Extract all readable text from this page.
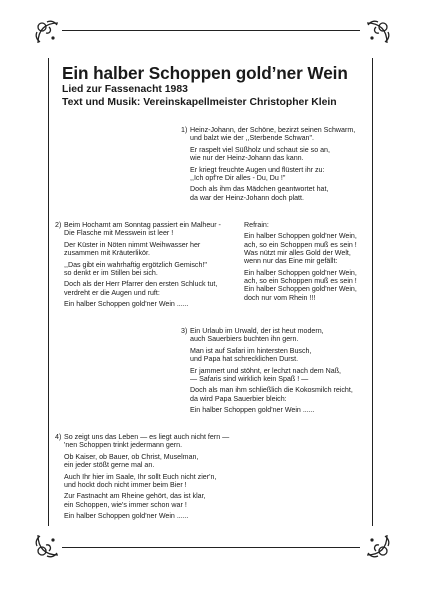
Ein halber Schoppen gold’ner Wein
Lied zur Fassenacht 1983
Text und Musik: Vereinskapellmeister Christopher Klein
1) Heinz-Johann, der Schöne, bezirzt seinen Schwarm,
und balzt wie der ,,Sterbende Schwan".

Er raspelt viel Süßholz und schaut sie so an,
wie nur der Heinz-Johann das kann.

Er kriegt freuchte Augen und flüstert ihr zu:
,,Ich opf're Dir alles - Du, Du !"

Doch als ihm das Mädchen geantwortet hat,
da war der Heinz-Johann doch platt.

2) Beim Hochamt am Sonntag passiert ein Malheur -
Die Flasche mit Messwein ist leer !

Der Küster in Nöten nimmt Weihwasser her
zusammen mit Kräuterlikör.

,,Das gibt ein wahrhaftig ergötzlich Gemisch!"
so denkt er im Stillen bei sich.

Doch als der Herr Pfarrer den ersten Schluck tut,
verdreht er die Augen und ruft:

Ein halber Schoppen gold'ner Wein ......

Refrain:

Ein halber Schoppen gold'ner Wein,
ach, so ein Schoppen muß es sein !
Was nützt mir alles Gold der Welt,
wenn nur das Eine mir gefällt:

Ein halber Schoppen gold'ner Wein,
ach, so ein Schoppen muß es sein !
Ein halber Schoppen gold'ner Wein,
doch nur vom Rhein !!!

3) Ein Urlaub im Urwald, der ist heut modern,
auch Sauerbiers buchten ihn gern.

Man ist auf Safari im hintersten Busch,
und Papa hat schrecklichen Durst.

Er jammert und stöhnt, er lechzt nach dem Naß,
— Safaris sind wirklich kein Spaß ! —

Doch als man ihm schließlich die Kokosmilch reicht,
da wird Papa Sauerbier bleich:

Ein halber Schoppen gold'ner Wein ......

4) So zeigt uns das Leben — es liegt auch nicht fern —
'nen Schoppen trinkt jedermann gern.

Ob Kaiser, ob Bauer, ob Christ, Muselman,
ein jeder stößt gerne mal an.

Auch Ihr hier im Saale, Ihr sollt Euch nicht zier'n,
und hockt doch nicht immer beim Bier !

Zur Fastnacht am Rheine gehört, das ist klar,
ein Schoppen, wie's immer schon war !

Ein halber Schoppen gold'ner Wein ......
